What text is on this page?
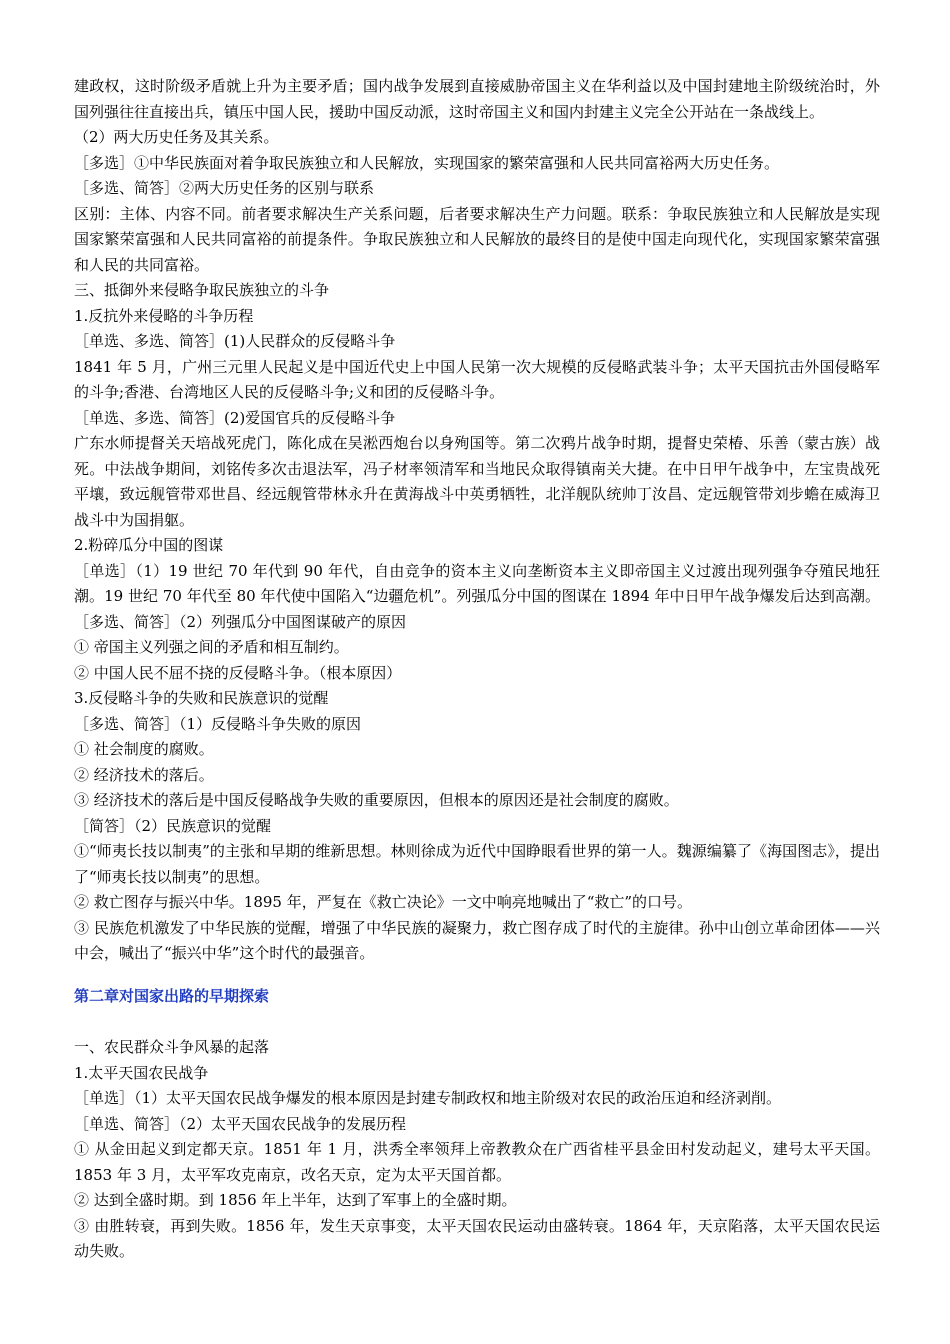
建政权，这时阶级矛盾就上升为主要矛盾；国内战争发展到直接威胁帝国主义在华利益以及中国封建地主阶级统治时，外国列强往往直接出兵，镇压中国人民，援助中国反动派，这时帝国主义和国内封建主义完全公开站在一条战线上。

（2）两大历史任务及其关系。

［多选］①中华民族面对着争取民族独立和人民解放，实现国家的繁荣富强和人民共同富裕两大历史任务。

［多选、简答］②两大历史任务的区别与联系

区别：主体、内容不同。前者要求解决生产关系问题，后者要求解决生产力问题。联系：争取民族独立和人民解放是实现国家繁荣富强和人民共同富裕的前提条件。争取民族独立和人民解放的最终目的是使中国走向现代化，实现国家繁荣富强和人民的共同富裕。

三、抵御外来侵略争取民族独立的斗争

1.反抗外来侵略的斗争历程

［单选、多选、简答］(1)人民群众的反侵略斗争

1841 年 5 月，广州三元里人民起义是中国近代史上中国人民第一次大规模的反侵略武装斗争；太平天国抗击外国侵略军的斗争;香港、台湾地区人民的反侵略斗争;义和团的反侵略斗争。

［单选、多选、简答］(2)爱国官兵的反侵略斗争

广东水师提督关天培战死虎门，陈化成在吴淞西炮台以身殉国等。第二次鸦片战争时期，提督史荣椿、乐善（蒙古族）战死。中法战争期间，刘铭传多次击退法军，冯子材率领清军和当地民众取得镇南关大捷。在中日甲午战争中，左宝贵战死平壤，致远舰管带邓世昌、经远舰管带林永升在黄海战斗中英勇牺牲，北洋舰队统帅丁汝昌、定远舰管带刘步蟾在威海卫战斗中为国捐躯。

2.粉碎瓜分中国的图谋

［单选］（1）19 世纪 70 年代到 90 年代，自由竞争的资本主义向垄断资本主义即帝国主义过渡出现列强争夺殖民地狂潮。19 世纪 70 年代至 80 年代使中国陷入“边疆危机”。列强瓜分中国的图谋在 1894 年中日甲午战争爆发后达到高潮。［多选、简答］（2）列强瓜分中国图谋破产的原因

① 帝国主义列强之间的矛盾和相互制约。

② 中国人民不屈不挠的反侵略斗争。（根本原因）

3.反侵略斗争的失败和民族意识的觉醒

［多选、简答］（1）反侵略斗争失败的原因

① 社会制度的腐败。

② 经济技术的落后。

③ 经济技术的落后是中国反侵略战争失败的重要原因，但根本的原因还是社会制度的腐败。

［简答］（2）民族意识的觉醒

①“师夷长技以制夷”的主张和早期的维新思想。林则徐成为近代中国睁眼看世界的第一人。魏源编纂了《海国图志》，提出了“师夷长技以制夷”的思想。

② 救亡图存与振兴中华。1895 年，严复在《救亡决论》一文中响亮地喊出了“救亡”的口号。

③ 民族危机激发了中华民族的觉醒，增强了中华民族的凝聚力，救亡图存成了时代的主旋律。孙中山创立革命团体——兴中会，喊出了“振兴中华”这个时代的最强音。

第二章对国家出路的早期探索

一、农民群众斗争风暴的起落

1.太平天国农民战争

［单选］（1）太平天国农民战争爆发的根本原因是封建专制政权和地主阶级对农民的政治压迫和经济剥削。

［单选、简答］（2）太平天国农民战争的发展历程

① 从金田起义到定都天京。1851 年 1 月，洪秀全率领拜上帝教教众在广西省桂平县金田村发动起义，建号太平天国。1853 年 3 月，太平军攻克南京，改名天京，定为太平天国首都。

② 达到全盛时期。到 1856 年上半年，达到了军事上的全盛时期。

③ 由胜转衰，再到失败。1856 年，发生天京事变，太平天国农民运动由盛转衰。1864 年，天京陷落，太平天国农民运动失败。
